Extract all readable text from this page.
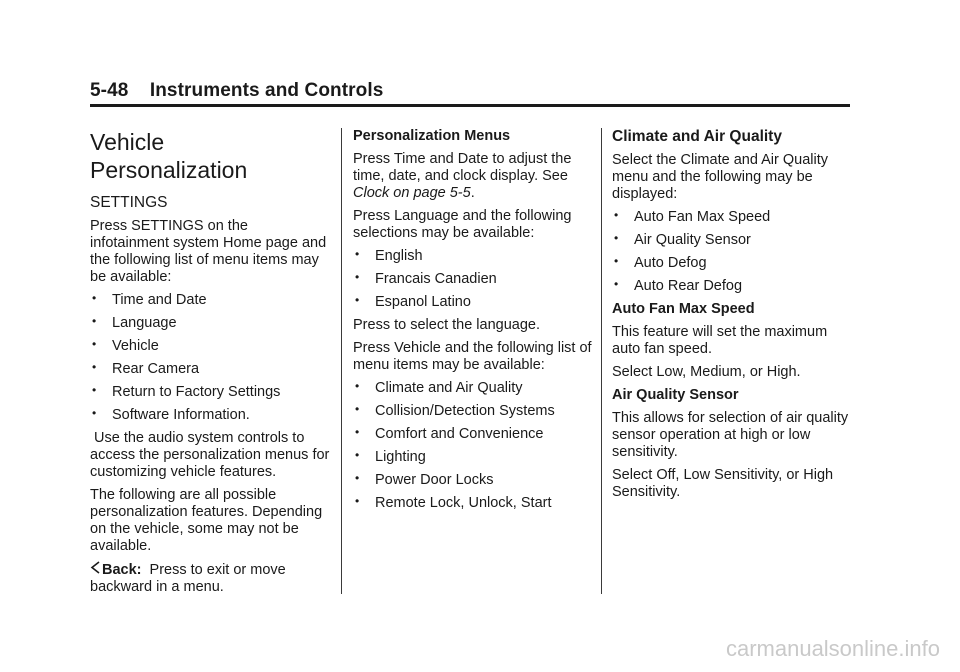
5-48 Instruments and Controls
Vehicle
Personalization

SETTINGS

Press SETTINGS on the infotainment system Home page and the following list of menu items may be available:

• Time and Date
• Language
• Vehicle
• Rear Camera
• Return to Factory Settings
• Software Information.

Use the audio system controls to access the personalization menus for customizing vehicle features.

The following are all possible personalization features. Depending on the vehicle, some may not be available.

Back:  Press to exit or move backward in a menu.

Personalization Menus

Press Time and Date to adjust the time, date, and clock display. See Clock on page 5-5.

Press Language and the following selections may be available:

• English
• Francais Canadien
• Espanol Latino

Press to select the language.

Press Vehicle and the following list of menu items may be available:

• Climate and Air Quality
• Collision/Detection Systems
• Comfort and Convenience
• Lighting
• Power Door Locks
• Remote Lock, Unlock, Start

Climate and Air Quality

Select the Climate and Air Quality menu and the following may be displayed:

• Auto Fan Max Speed
• Air Quality Sensor
• Auto Defog
• Auto Rear Defog

Auto Fan Max Speed

This feature will set the maximum auto fan speed.

Select Low, Medium, or High.

Air Quality Sensor

This allows for selection of air quality sensor operation at high or low sensitivity.

Select Off, Low Sensitivity, or High Sensitivity.

carmanualsonline.info
